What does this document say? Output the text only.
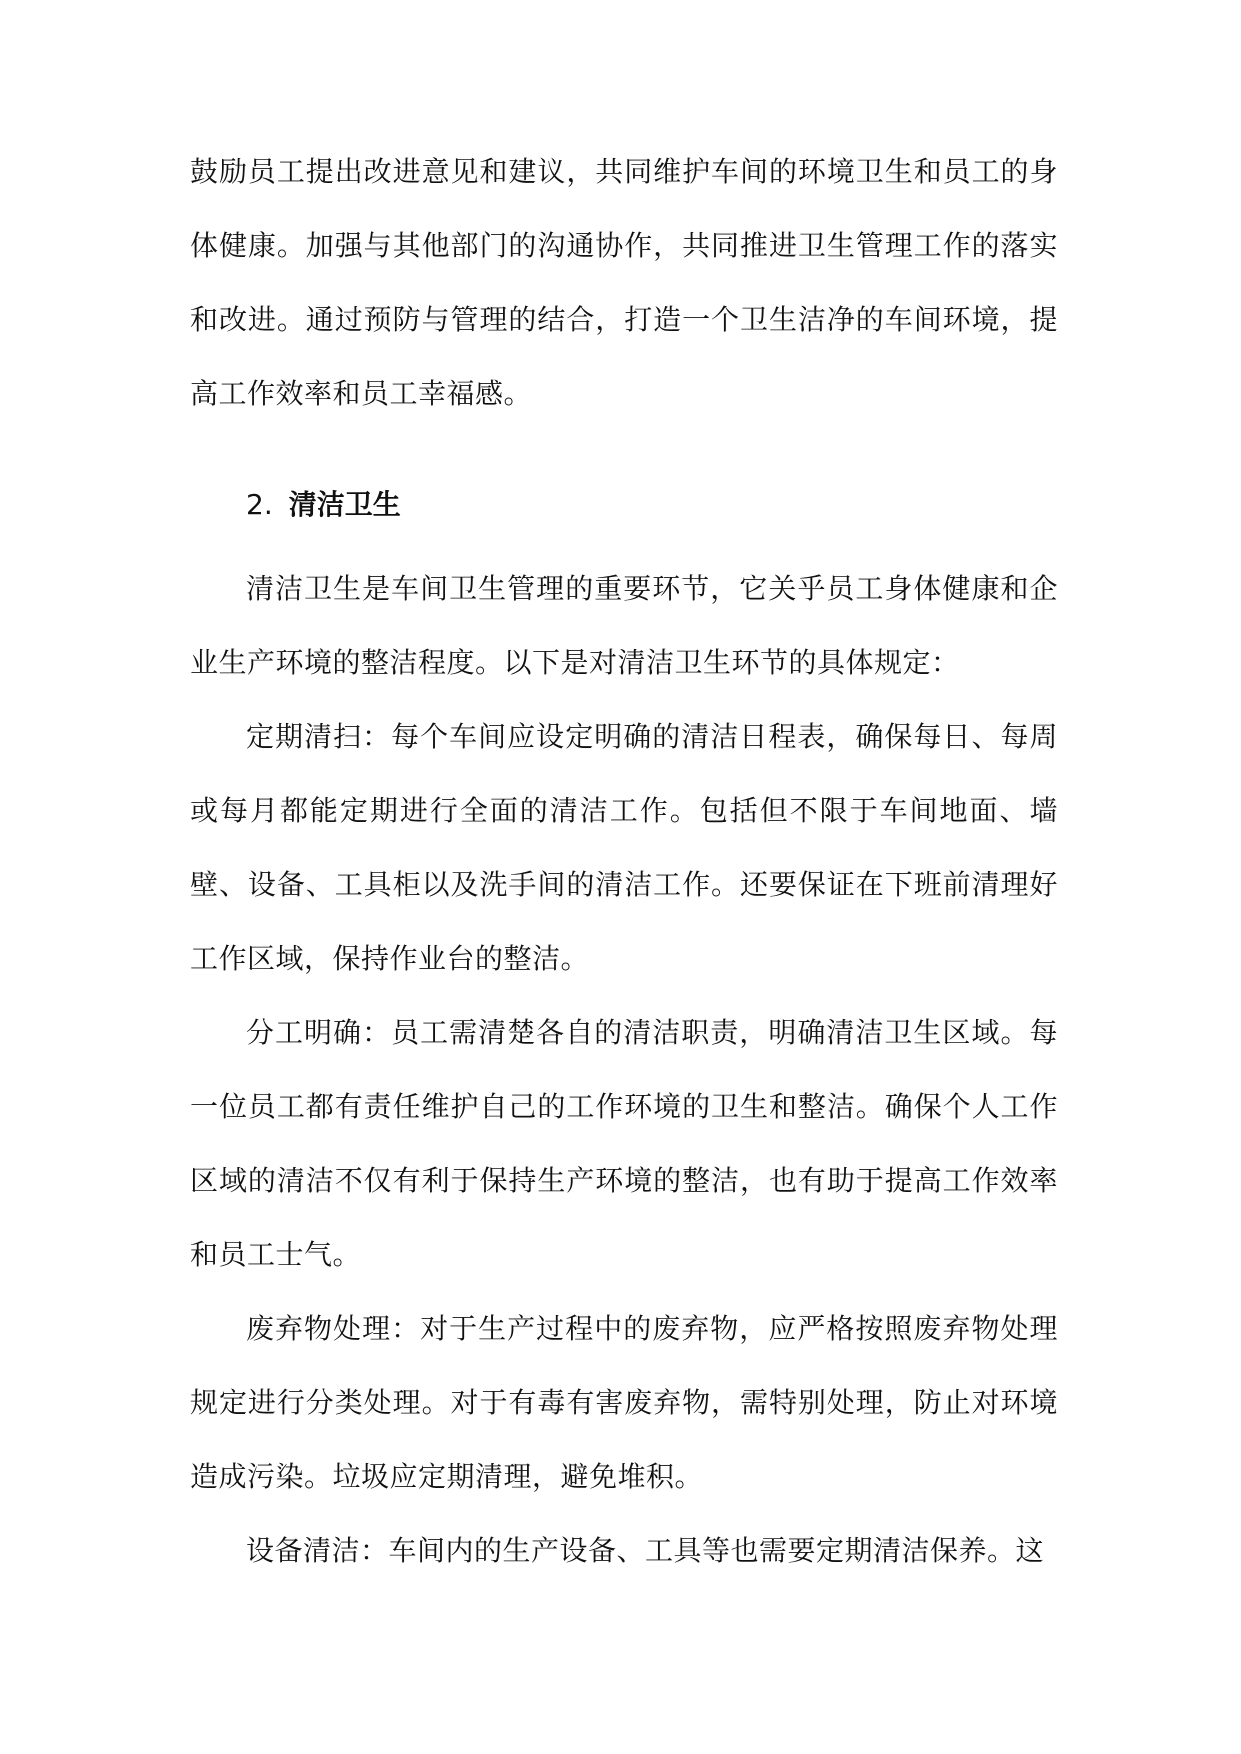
鼓励员工提出改进意见和建议，共同维护车间的环境卫生和员工的身体健康。加强与其他部门的沟通协作，共同推进卫生管理工作的落实和改进。通过预防与管理的结合，打造一个卫生洁净的车间环境，提高工作效率和员工幸福感。

2. 清洁卫生

清洁卫生是车间卫生管理的重要环节，它关乎员工身体健康和企业生产环境的整洁程度。以下是对清洁卫生环节的具体规定：

定期清扫：每个车间应设定明确的清洁日程表，确保每日、每周或每月都能定期进行全面的清洁工作。包括但不限于车间地面、墙壁、设备、工具柜以及洗手间的清洁工作。还要保证在下班前清理好工作区域，保持作业台的整洁。

分工明确：员工需清楚各自的清洁职责，明确清洁卫生区域。每一位员工都有责任维护自己的工作环境的卫生和整洁。确保个人工作区域的清洁不仅有利于保持生产环境的整洁，也有助于提高工作效率和员工士气。

废弃物处理：对于生产过程中的废弃物，应严格按照废弃物处理规定进行分类处理。对于有毒有害废弃物，需特别处理，防止对环境造成污染。垃圾应定期清理，避免堆积。

设备清洁：车间内的生产设备、工具等也需要定期清洁保养。这
